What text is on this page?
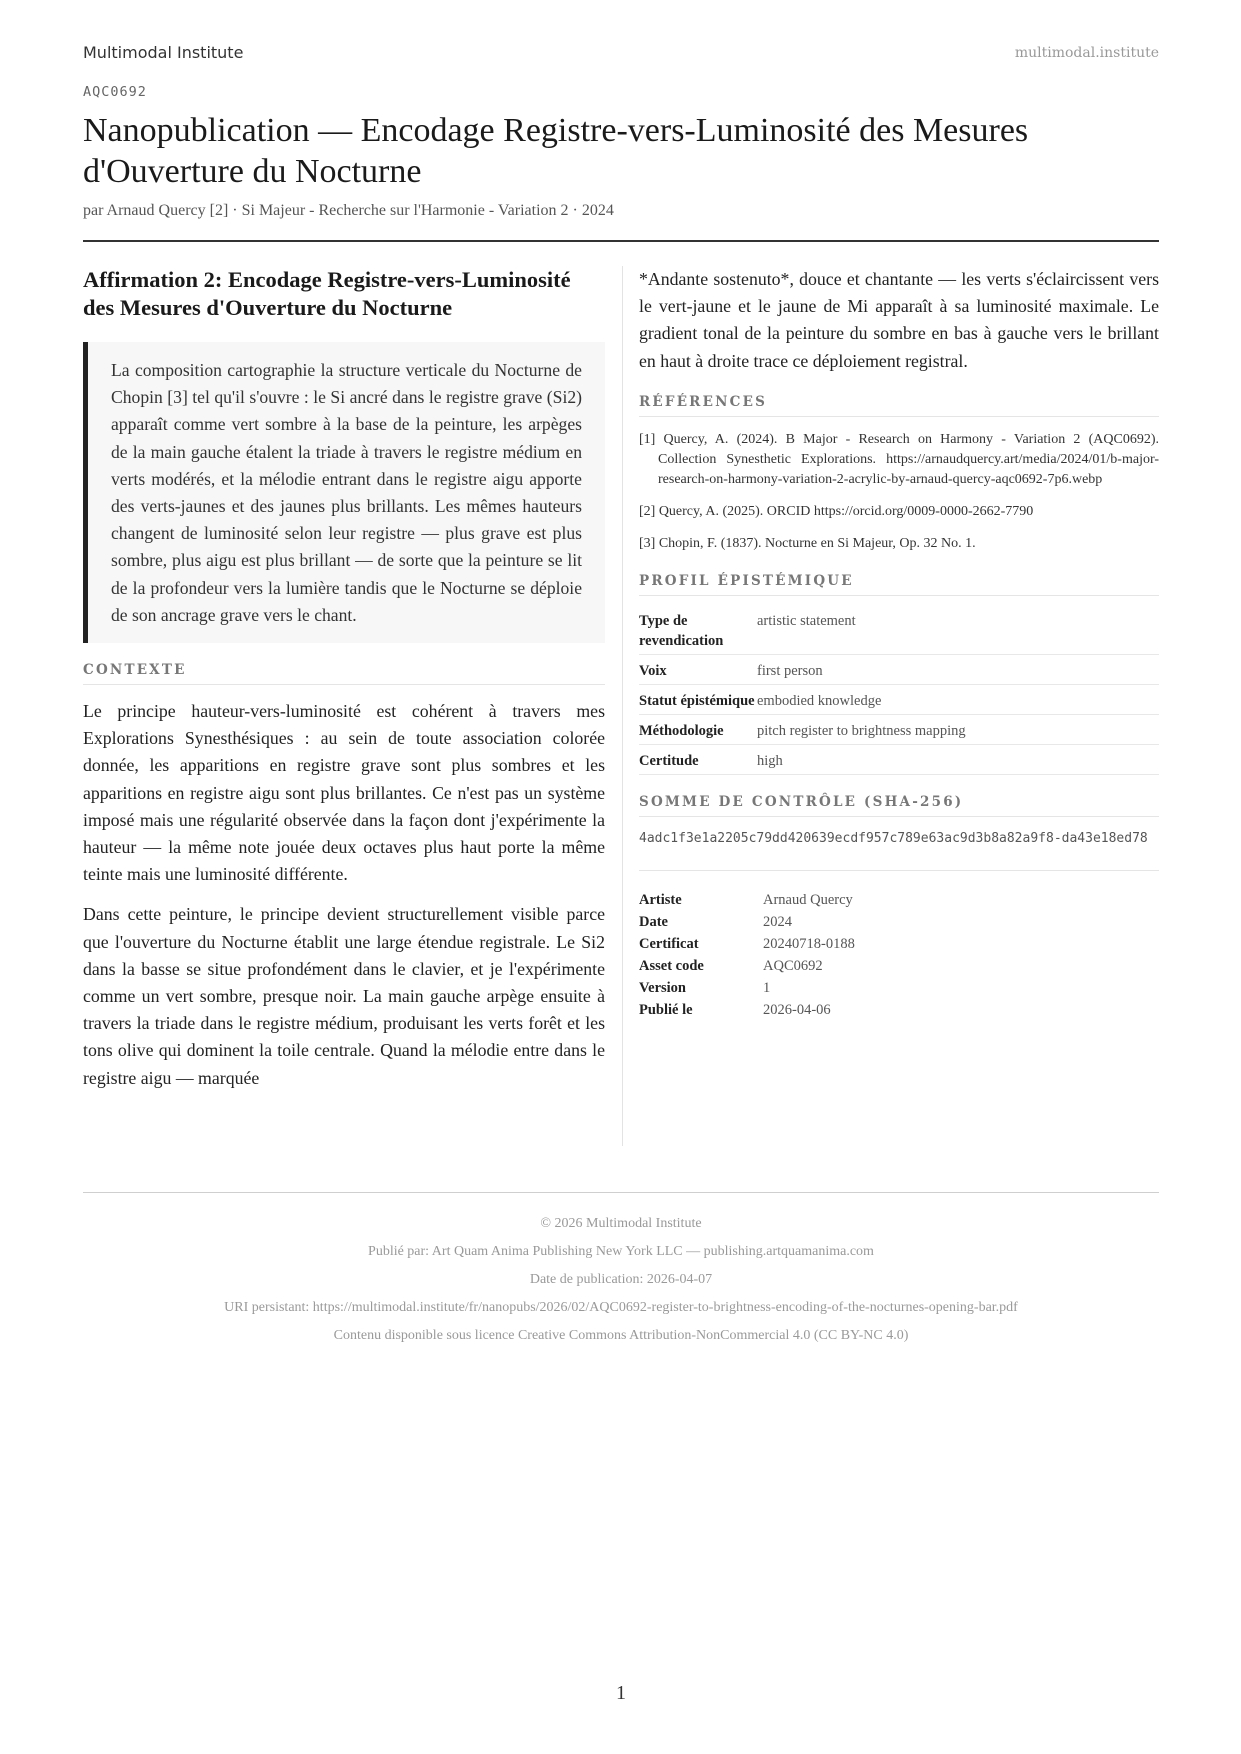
Multimodal Institute	multimodal.institute
AQC0692
Nanopublication — Encodage Registre-vers-Luminosité des Mesures d'Ouverture du Nocturne
par Arnaud Quercy [2] · Si Majeur - Recherche sur l'Harmonie - Variation 2 · 2024
Affirmation 2: Encodage Registre-vers-Luminosité des Mesures d'Ouverture du Nocturne
La composition cartographie la structure verticale du Nocturne de Chopin [3] tel qu'il s'ouvre : le Si ancré dans le registre grave (Si2) apparaît comme vert sombre à la base de la peinture, les arpèges de la main gauche étalent la triade à travers le registre médium en verts modérés, et la mélodie entrant dans le registre aigu apporte des verts-jaunes et des jaunes plus brillants. Les mêmes hauteurs changent de luminosité selon leur registre — plus grave est plus sombre, plus aigu est plus brillant — de sorte que la peinture se lit de la profondeur vers la lumière tandis que le Nocturne se déploie de son ancrage grave vers le chant.
CONTEXTE

Le principe hauteur-vers-luminosité est cohérent à travers mes Explorations Synesthésiques : au sein de toute association colorée donnée, les apparitions en registre grave sont plus sombres et les apparitions en registre aigu sont plus brillantes. Ce n'est pas un système imposé mais une régularité observée dans la façon dont j'expérimente la hauteur — la même note jouée deux octaves plus haut porte la même teinte mais une luminosité différente.

Dans cette peinture, le principe devient structurellement visible parce que l'ouverture du Nocturne établit une large étendue registrale. Le Si2 dans la basse se situe profondément dans le clavier, et je l'expérimente comme un vert sombre, presque noir. La main gauche arpège ensuite à travers la triade dans le registre médium, produisant les verts forêt et les tons olive qui dominent la toile centrale. Quand la mélodie entre dans le registre aigu — marquée

*Andante sostenuto*, douce et chantante — les verts s'éclaircissent vers le vert-jaune et le jaune de Mi apparaît à sa luminosité maximale. Le gradient tonal de la peinture du sombre en bas à gauche vers le brillant en haut à droite trace ce déploiement registral.

RÉFÉRENCES
[1] Quercy, A. (2024). B Major - Research on Harmony - Variation 2 (AQC0692). Collection Synesthetic Explorations. https://arnaudquercy.art/media/2024/01/b-major-research-on-harmony-variation-2-acrylic-by-arnaud-quercy-aqc0692-7p6.webp
[2] Quercy, A. (2025). ORCID https://orcid.org/0009-0000-2662-7790
[3] Chopin, F. (1837). Nocturne en Si Majeur, Op. 32 No. 1.
PROFIL ÉPISTÉMIQUE
Type de revendication	artistic statement
Voix	first person
Statut épistémique	embodied knowledge
Méthodologie	pitch register to brightness mapping
Certitude	high
SOMME DE CONTRÔLE (SHA-256)
4adc1f3e1a2205c79dd420639ecdf957c789e63ac9d3b8a82a9f8-da43e18ed78
Artiste	Arnaud Quercy
Date	2024
Certificat	20240718-0188
Asset code	AQC0692
Version	1
Publié le	2026-04-06
© 2026 Multimodal Institute
Publié par: Art Quam Anima Publishing New York LLC — publishing.artquamanima.com
Date de publication: 2026-04-07
URI persistant: https://multimodal.institute/fr/nanopubs/2026/02/AQC0692-register-to-brightness-encoding-of-the-nocturnes-opening-bar.pdf
Contenu disponible sous licence Creative Commons Attribution-NonCommercial 4.0 (CC BY-NC 4.0)
1
